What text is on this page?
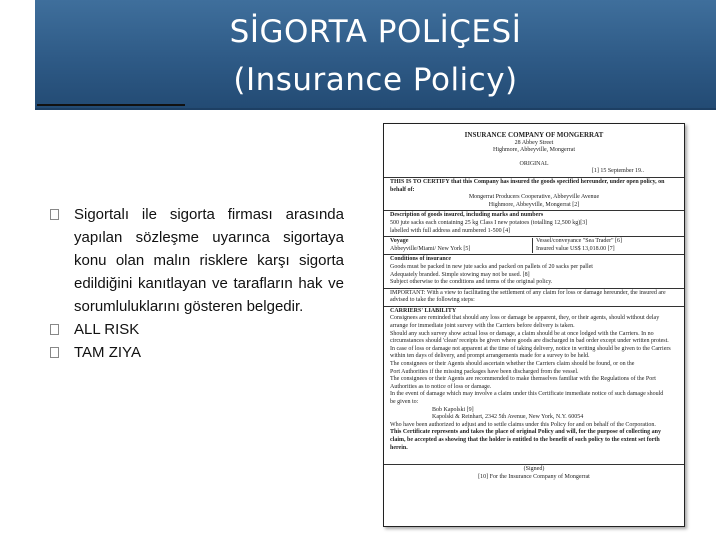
SİGORTA POLİÇESİ
(Insurance Policy)
Sigortalı ile sigorta firması arasında yapılan sözleşme uyarınca sigortaya konu olan malın risklere karşı sigorta edildiğini kanıtlayan ve tarafların hak ve sorumluluklarını gösteren belgedir.
ALL RISK
TAM ZIYA
INSURANCE COMPANY OF MONGERRAT
28 Abbey Street
Highmore, Abbeyville, Mongerrat
ORIGINAL
[1] 15 September 19..
THIS IS TO CERTIFY that this Company has insured the goods specified hereunder, under open policy, on behalf of:
Mongerrat Producers Cooperative, Abbeyville Avenue
Highmore, Abbeyville, Mongerrat [2]
Description of goods insured, including marks and numbers
500 jute sacks each containing 25 kg Class I new potatoes (totalling 12,500 kg)[3]
labelled with full address and numbered 1-500 [4]
Voyage
Abbeyville/Miami/ New York [5]
Vessel/conveyance "Sea Trader" [6]
Insured value US$ 13,018.00 [7]
Conditions of insurance
Goods must be packed in new jute sacks and packed on pallets of 20 sacks per pallet
Adequately branded. Simple stowing may not be used. [8]
Subject otherwise to the conditions and terms of the original policy.
IMPORTANT: With a view to facilitating the settlement of any claim for loss or damage hereunder, the insured are advised to take the following steps:
CARRIERS' LIABILITY
Consignees are reminded that should any loss or damage be apparent, they, or their agents, should without delay
arrange for immediate joint survey with the Carriers before delivery is taken.
Should any such survey show actual loss or damage, a claim should be at once lodged with the Carriers. In no
circumstances should 'clean' receipts be given where goods are discharged in bad order except under written protest.
In case of loss or damage not apparent at the time of taking delivery, notice in writing should be given to the Carriers
within ten days of delivery, and prompt arrangements made for a survey to be held.
The consignees or their Agents should ascertain whether the Carriers claim should be found, or on the
Port Authorities if the missing packages have been discharged from the vessel.
The consignees or their Agents are recommended to make themselves familiar with the Regulations of the Port
Authorities as to notice of loss or damage.
In the event of damage which may involve a claim under this Certificate immediate notice of such damage should
be given to:
Bob Kapolski [9]
Kapolski & Reinhart, 2342 5th Avenue, New York, N.Y. 60054
Who have been authorized to adjust and to settle claims under this Policy for and on behalf of the Corporation.
This Certificate represents and takes the place of original Policy and will, for the purpose of collecting any
claim, be accepted as showing that the holder is entitled to the benefit of such policy to the extent set forth
herein.
(Signed)
[10] For the Insurance Company of Mongerrat
